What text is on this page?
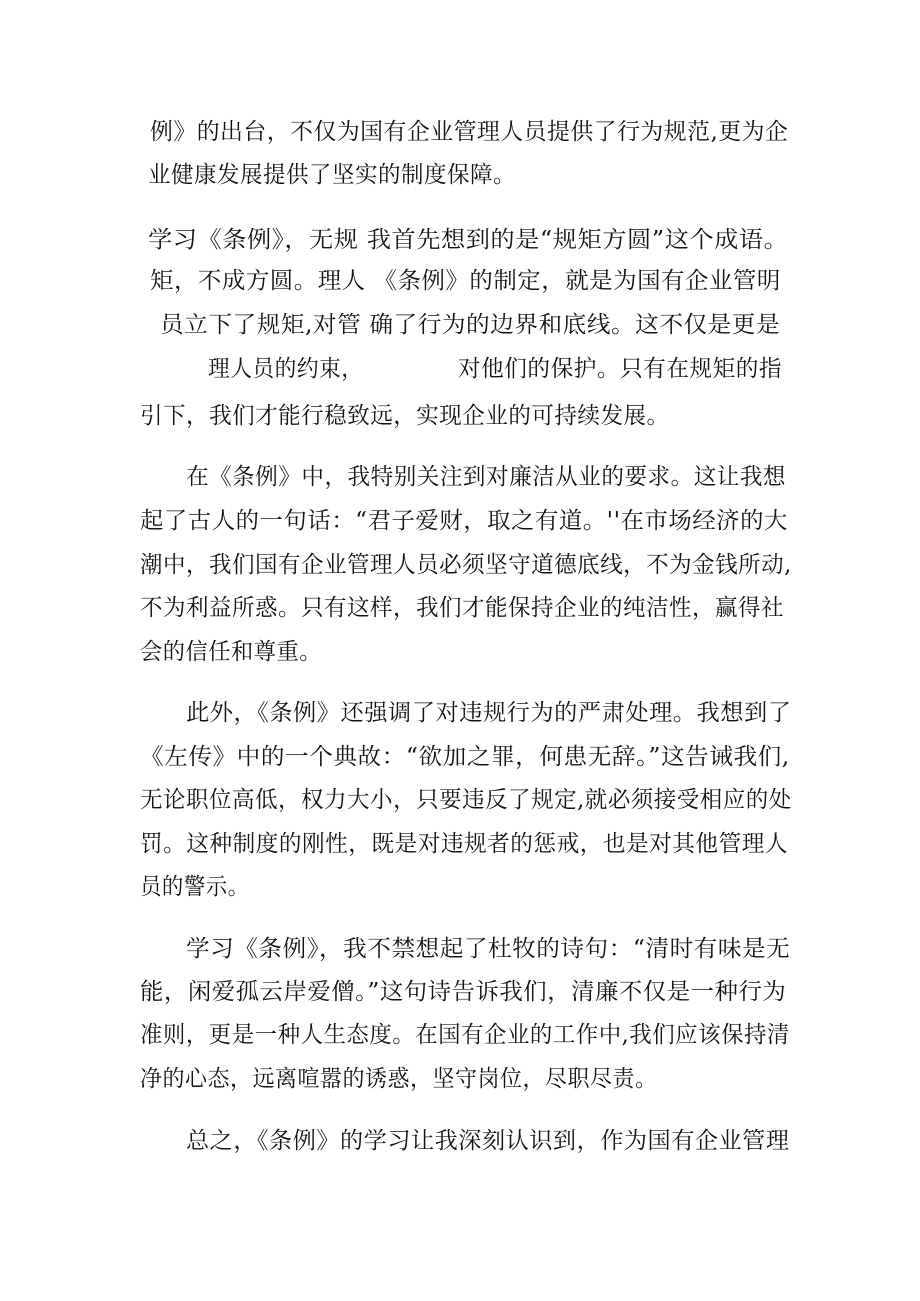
例》的出台，不仅为国有企业管理人员提供了行为规范,更为企
业健康发展提供了坚实的制度保障。
学习《条例》，无规 我首先想到的是“规矩方圆”这个成语。
矩，不成方圆。理人 《条例》的制定，就是为国有企业管明
员立下了规矩,对管 确了行为的边界和底线。这不仅是更是
理人员的约束，	对他们的保护。只有在规矩的指
引下，我们才能行稳致远，实现企业的可持续发展。
在《条例》中，我特别关注到对廉洁从业的要求。这让我想
起了古人的一句话：“君子爱财，取之有道。''在市场经济的大
潮中，我们国有企业管理人员必须坚守道德底线，不为金钱所动,
不为利益所惑。只有这样，我们才能保持企业的纯洁性，赢得社
会的信任和尊重。
此外，《条例》还强调了对违规行为的严肃处理。我想到了
《左传》中的一个典故：“欲加之罪，何患无辞。”这告诫我们,
无论职位高低，权力大小，只要违反了规定,就必须接受相应的处
罚。这种制度的刚性，既是对违规者的惩戒，也是对其他管理人
员的警示。
学习《条例》，我不禁想起了杜牧的诗句：“清时有味是无
能，闲爱孤云岸爱僧。”这句诗告诉我们，清廉不仅是一种行为
准则，更是一种人生态度。在国有企业的工作中,我们应该保持清
净的心态，远离喧嚣的诱惑，坚守岗位，尽职尽责。
总之，《条例》的学习让我深刻认识到，作为国有企业管理
